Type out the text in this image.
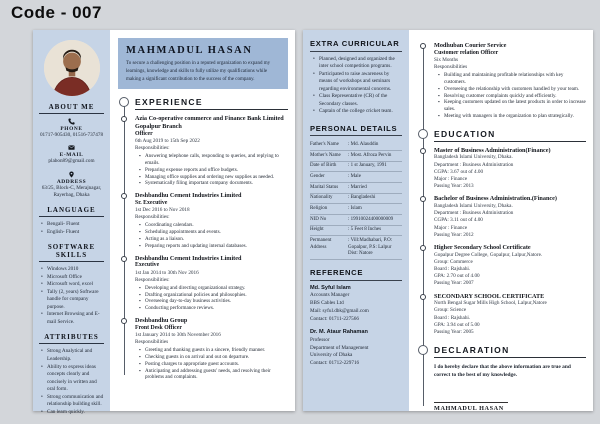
Code - 007
ABOUT ME
PHONE
01717-905430, 01516-737478
E-MAIL
plabon89@gmail.com
ADDRESS
63/25, Block-C, Merajnagar, Rayerbag, Dhaka
LANGUAGE
• Bengali- Fluent
• English- Fluent
SOFTWARE SKILLS
• Windows 2010
• Microsoft Office
• Microsoft word, excel
• Tally (2, years) Software handle for company purpose.
• Internet Browsing and E-mail Service.
ATTRIBUTES
• Strong Analytical and Leadership.
• Ability to express ideas concepts clearly and concisely in written and oral form.
• Strong communication and relationship building skill.
• Can learn quickly.
MAHMADUL HASAN

To secure a challenging position in a reputed organization to expand my learnings, knowledge and skills to fully utilize my qualifications while making a significant contribution to the success of the company.

EXPERIENCE
Azia Co-operative commerce and Finance Bank Limited Gopalpur Branch
Officer
6th Aug 2019 to 15th Sep 2022
Responsibilities:
▪ Answering telephone calls, responding to queries, and replying to emails.
▪ Preparing expense reports and office budgets.
▪ Managing office supplies and ordering new supplies as needed.
▪ Systematically filing important company documents.
Deshbandhu Cement Industries Limited
Sr. Executive
1st Dec 2016 to Nov 2018
Responsibilities:
▪ Coordinating calendars.
▪ Scheduling appointments and events.
▪ Acting as a liaison.
▪ Preparing reports and updating internal databases.
Deshbandhu Cement Industries Limited
Executive
1st Jan 2014 to 30th Nov 2016
Responsibilities:
▪ Developing and directing organizational strategy.
▪ Drafting organizational policies and philosophies.
▪ Overseeing day-to-day business activities.
▪ Conducting performance reviews.
Deshbandhu Group
Front Desk Officer
1st January 2014 to 30th November 2016
Responsibilities
▪ Greeting and thanking guests in a sincere, friendly manner.
▪ Checking guests in on arrival and out on departure.
▪ Posting charges to appropriate guest accounts.
▪ Anticipating and addressing guests' needs, and resolving their problems and complaints.
EXTRA CURRICULAR
• Planned, designed and organized the inter school competition programs.
• Participated to raise awareness by means of workshops and seminars regarding environmental concerns.
• Class Representative (CR) of the Secondary classes.
• Captain of the college cricket team.
PERSONAL DETAILS
Father's Name	: Md. Alauddin
Mother's Name	: Most. Afroza Pervin
Date of Birth	: 1 st January, 1991
Gender	: Male
Marital Status	: Married
Nationality	: Bangladeshi
Religion	: Islam
NID No	: 19910024400000009
Height	: 5 Feet 8 Inches
Permanent Address
: Vill:Madhabari, P.O: Gopalpur, P.S: Lalpur Dist: Natore
REFERENCE
Md. Syful Islam
Accounts Manager
BBS Cables Ltd
Mail: syful.dbk@gmail.com
Contact: 01711-227566
Dr. M. Ataur Rahaman
Professor
Department of Management
University of Dhaka
Contact: 01712-229716
Modhuban Courier Service
Customer relation Officer
Six Months
Responsibilities
▪ Building and maintaining profitable relationships with key customers.
▪ Overseeing the relationship with customers handled by your team.
▪ Resolving customer complaints quickly and efficiently.
▪ Keeping customers updated on the latest products in order to increase sales.
▪ Meeting with managers in the organization to plan strategically.
EDUCATION
Master of Business Administration(Finance)
Bangladesh Islami University, Dhaka.
Department : Business Administration
CGPA: 3.67 out of 4.00
Major : Finance
Passing Year: 2013
Bachelor of Business Administration.(Finance)
Bangladesh Islami University, Dhaka.
Department : Business Administration
CGPA: 3.11 out of 4.00
Major : Finance
Passing Year: 2012
Higher Secondary School Certificate
Gopalpur Degree College, Gopalpur, Lalpur,Natore.
Group: Commerce
Board : Rajshahi.
GPA: 2.70 out of 4.00
Passing Year: 2007
SECONDARY SCHOOL CERTIFICATE
North Bengal Sugar Mills High School, Lalpur,Natore
Group: Science
Board : Rajshahi.
GPA: 3.94 out of 5.00
Passing Year: 2005
DECLARATION

I do hereby declare that the above information are true and correct to the best of my knowledge.

MAHMADUL HASAN
